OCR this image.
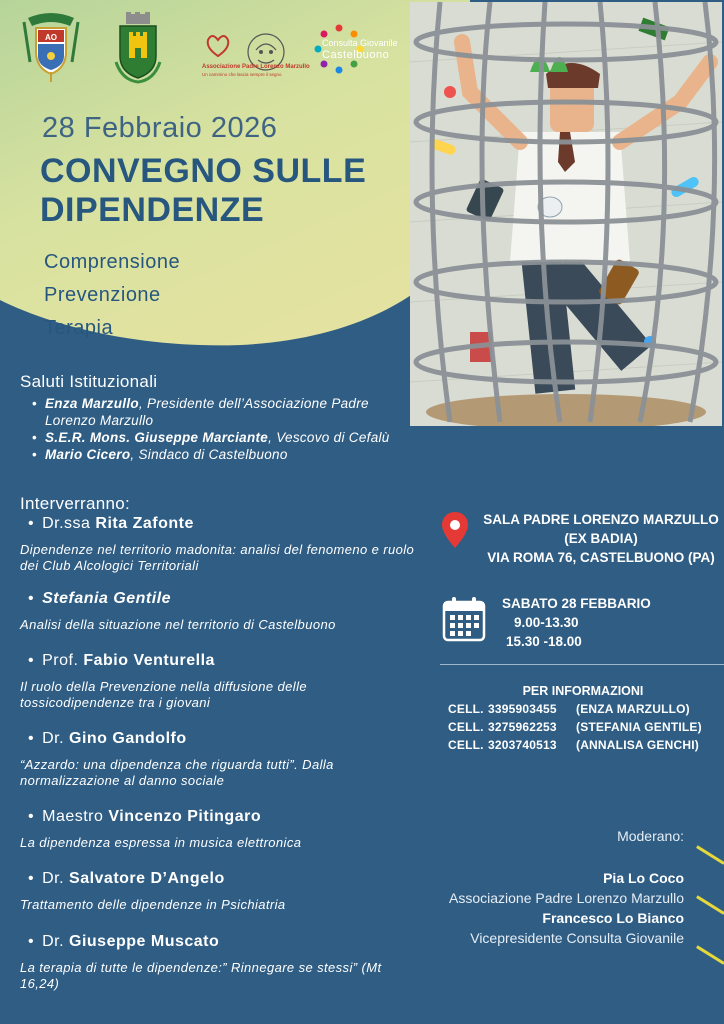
AO
Associazione Padre Lorenzo Marzullo
Un cammino che lascia sempre il segno
Consulta Giovanile
Castelbuono
28 Febbraio 2026
CONVEGNO SULLE
DIPENDENZE
Comprensione
Prevenzione
Terapia
Saluti Istituzionali
• Enza Marzullo, Presidente dell’Associazione Padre Lorenzo Marzullo
• S.E.R. Mons. Giuseppe Marciante, Vescovo di Cefalù
• Mario Cicero, Sindaco di Castelbuono
Interverranno:
• Dr.ssa Rita Zafonte
Dipendenze nel territorio madonita: analisi del fenomeno e ruolo dei Club Alcologici Territoriali
• Stefania Gentile
Analisi della situazione nel territorio di Castelbuono
• Prof. Fabio Venturella
Il ruolo della Prevenzione nella diffusione delle tossicodipendenze tra i giovani
• Dr. Gino Gandolfo
“Azzardo: una dipendenza che riguarda tutti”. Dalla normalizzazione al danno sociale
• Maestro Vincenzo Pitingaro
La dipendenza espressa in musica elettronica
• Dr. Salvatore D’Angelo
Trattamento delle dipendenze in Psichiatria
• Dr. Giuseppe Muscato
La terapia di tutte le dipendenze:” Rinnegare se stessi” (Mt 16,24)
SALA PADRE LORENZO MARZULLO
(EX BADIA)
VIA ROMA 76, CASTELBUONO (PA)
SABATO 28 FEBBARIO
9.00-13.30
15.30 -18.00
PER INFORMAZIONI
CELL. 3395903455	(ENZA MARZULLO)
CELL. 3275962253	(STEFANIA GENTILE)
CELL. 3203740513	(ANNALISA GENCHI)
Moderano:
Pia Lo Coco
Associazione Padre Lorenzo Marzullo
Francesco Lo Bianco
Vicepresidente Consulta Giovanile
